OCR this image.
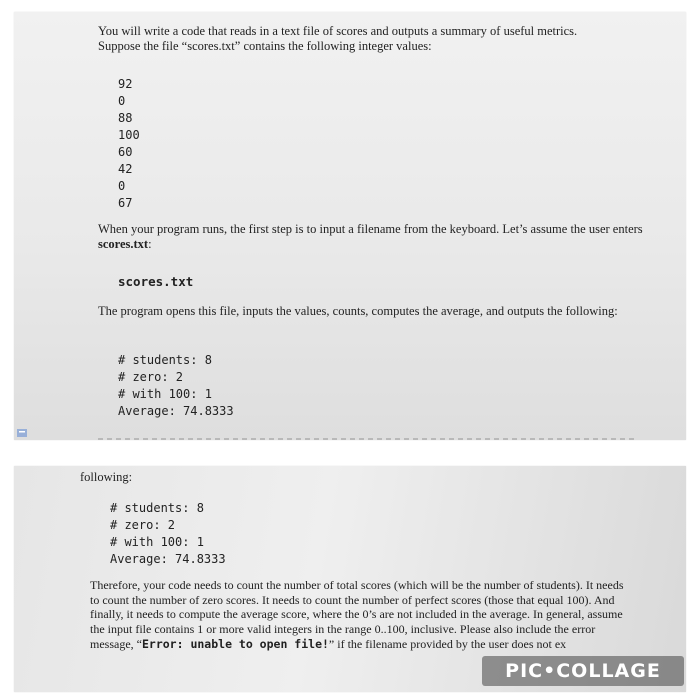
You will write a code that reads in a text file of scores and outputs a summary of useful metrics.
Suppose the file “scores.txt” contains the following integer values:
92
0
88
100
60
42
0
67

When your program runs, the first step is to input a filename from the keyboard. Let’s assume the user enters scores.txt:

scores.txt

The program opens this file, inputs the values, counts, computes the average, and outputs the following:

# students: 8
# zero: 2
# with 100: 1
Average: 74.8333
following:
# students: 8
# zero: 2
# with 100: 1
Average: 74.8333

Therefore, your code needs to count the number of total scores (which will be the number of students). It needs to count the number of zero scores. It needs to count the number of perfect scores (those that equal 100). And finally, it needs to compute the average score, where the 0’s are not included in the average. In general, assume the input file contains 1 or more valid integers in the range 0..100, inclusive. Please also include the error message, “Error: unable to open file!” if the filename provided by the user does not ex

PIC•COLLAGE
